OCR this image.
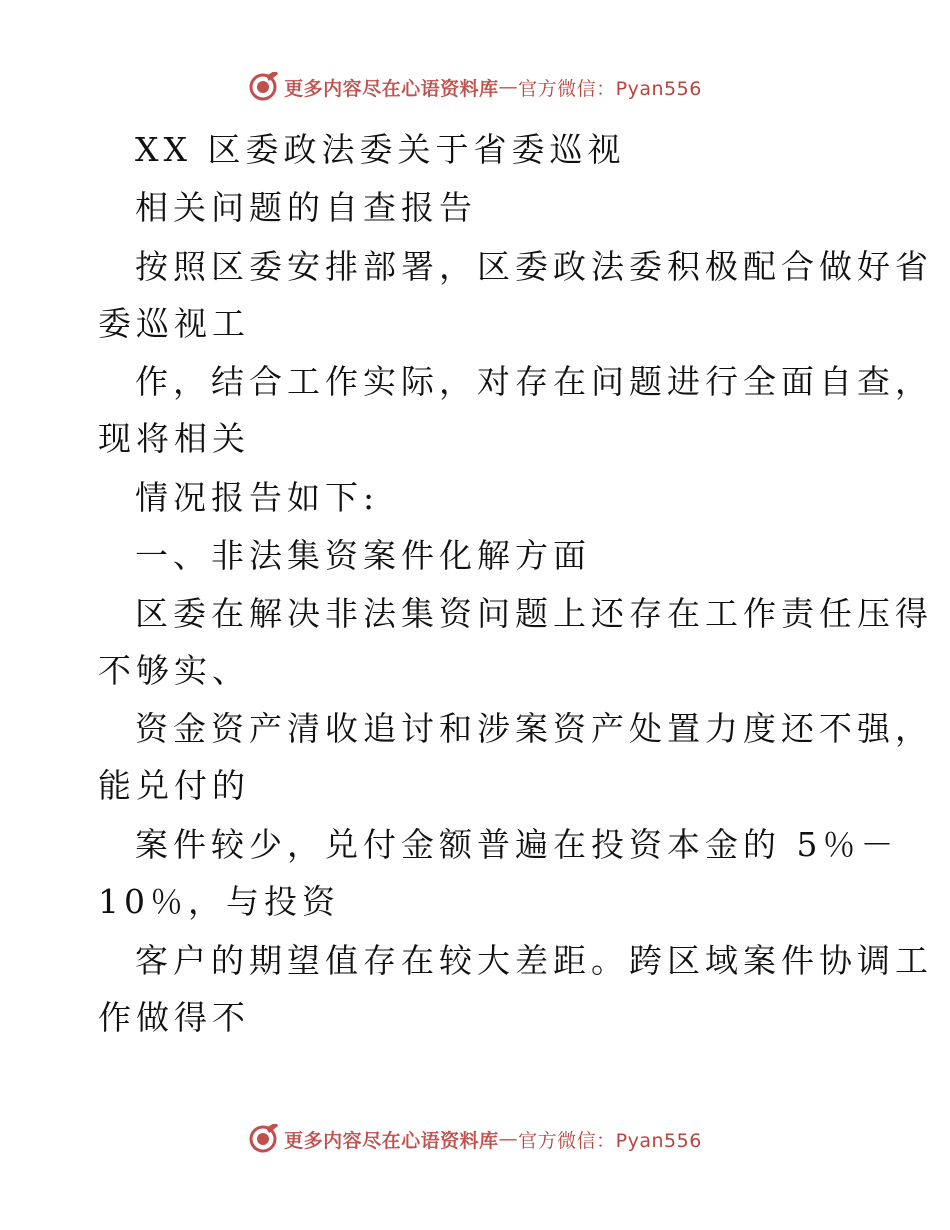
更多内容尽在心语资料库 — 官方微信：Pyan556
XX 区委政法委关于省委巡视
相关问题的自查报告
按照区委安排部署，区委政法委积极配合做好省
委巡视工
作，结合工作实际，对存在问题进行全面自查，
现将相关
情况报告如下:
一、非法集资案件化解方面
区委在解决非法集资问题上还存在工作责任压得
不够实、
资金资产清收追讨和涉案资产处置力度还不强，
能兑付的
案件较少，兑付金额普遍在投资本金的 5％－
10％，与投资
客户的期望值存在较大差距。跨区域案件协调工
作做得不
更多内容尽在心语资料库 — 官方微信：Pyan556
